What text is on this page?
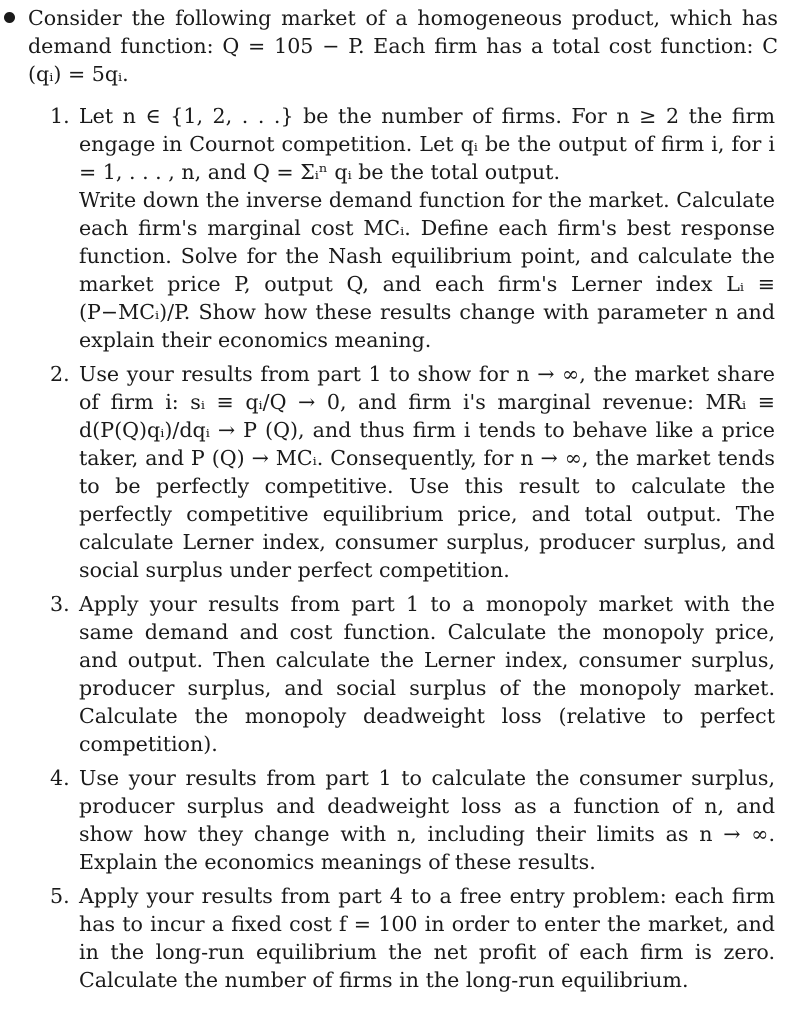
Consider the following market of a homogeneous product, which has demand function: Q = 105 − P. Each firm has a total cost function: C (qᵢ) = 5qᵢ.
1. Let n ∈ {1, 2, . . .} be the number of firms. For n ≥ 2 the firm engage in Cournot competition. Let qᵢ be the output of firm i, for i = 1, . . . , n, and Q = Σᵢⁿ qᵢ be the total output.
Write down the inverse demand function for the market. Calculate each firm's marginal cost MCᵢ. Define each firm's best response function. Solve for the Nash equilibrium point, and calculate the market price P, output Q, and each firm's Lerner index Lᵢ ≡ (P−MCᵢ)/P. Show how these results change with parameter n and explain their economics meaning.
2. Use your results from part 1 to show for n → ∞, the market share of firm i: sᵢ ≡ qᵢ/Q → 0, and firm i's marginal revenue: MRᵢ ≡ d(P(Q)qᵢ)/dqᵢ → P (Q), and thus firm i tends to behave like a price taker, and P (Q) → MCᵢ. Consequently, for n → ∞, the market tends to be perfectly competitive. Use this result to calculate the perfectly competitive equilibrium price, and total output. The calculate Lerner index, consumer surplus, producer surplus, and social surplus under perfect competition.
3. Apply your results from part 1 to a monopoly market with the same demand and cost function. Calculate the monopoly price, and output. Then calculate the Lerner index, consumer surplus, producer surplus, and social surplus of the monopoly market. Calculate the monopoly deadweight loss (relative to perfect competition).
4. Use your results from part 1 to calculate the consumer surplus, producer surplus and deadweight loss as a function of n, and show how they change with n, including their limits as n → ∞. Explain the economics meanings of these results.
5. Apply your results from part 4 to a free entry problem: each firm has to incur a fixed cost f = 100 in order to enter the market, and in the long-run equilibrium the net profit of each firm is zero. Calculate the number of firms in the long-run equilibrium.
